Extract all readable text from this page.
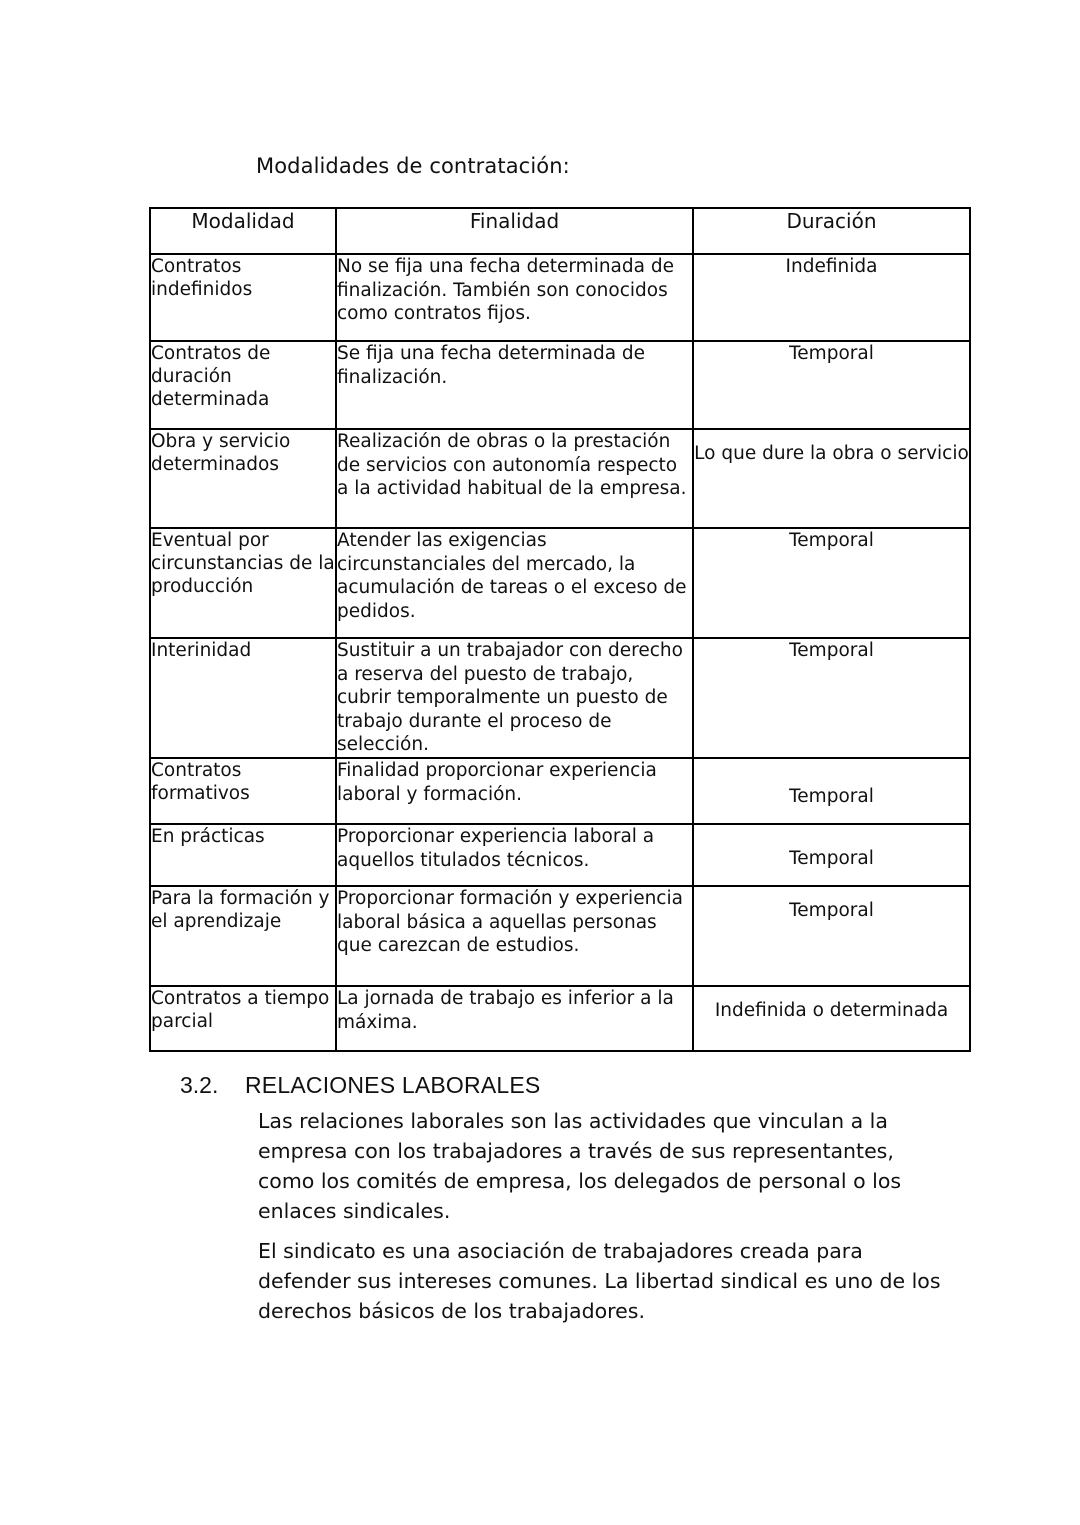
Modalidades de contratación:
Modalidad	Finalidad	Duración
Contratos indefinidos	No se fija una fecha determinada de finalización. También son conocidos como contratos fijos.	Indefinida
Contratos de duración determinada	Se fija una fecha determinada de finalización.	Temporal
Obra y servicio determinados	Realización de obras o la prestación de servicios con autonomía respecto a la actividad habitual de la empresa.	Lo que dure la obra o servicio
Eventual por circunstancias de la producción	Atender las exigencias circunstanciales del mercado, la acumulación de tareas o el exceso de pedidos.	Temporal
Interinidad	Sustituir a un trabajador con derecho a reserva del puesto de trabajo, cubrir temporalmente un puesto de trabajo durante el proceso de selección.	Temporal
Contratos formativos	Finalidad proporcionar experiencia laboral y formación.	Temporal
En prácticas	Proporcionar experiencia laboral a aquellos titulados técnicos.	Temporal
Para la formación y el aprendizaje	Proporcionar formación y experiencia laboral básica a aquellas personas que carezcan de estudios.	Temporal
Contratos a tiempo parcial	La jornada de trabajo es inferior a la máxima.	Indefinida o determinada
3.2. RELACIONES LABORALES

Las relaciones laborales son las actividades que vinculan a la empresa con los trabajadores a través de sus representantes, como los comités de empresa, los delegados de personal o los enlaces sindicales.

El sindicato es una asociación de trabajadores creada para defender sus intereses comunes. La libertad sindical es uno de los derechos básicos de los trabajadores.
